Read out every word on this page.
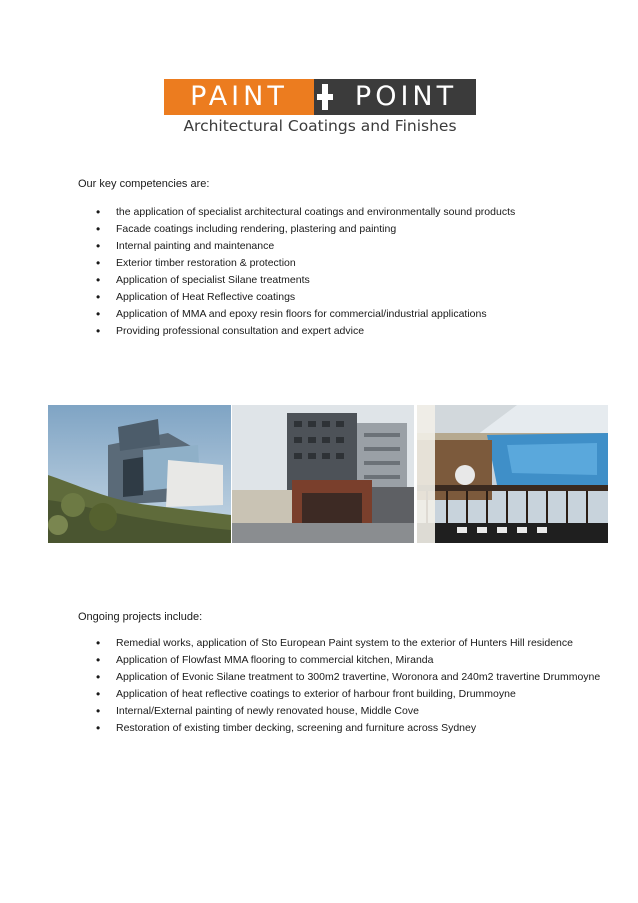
PAINT	POINT
Architectural Coatings and Finishes
Our key competencies are:
• the application of specialist architectural coatings and environmentally sound products
• Facade coatings including rendering, plastering and painting
• Internal painting and maintenance
• Exterior timber restoration & protection
• Application of specialist Silane treatments
• Application of Heat Reflective coatings
• Application of MMA and epoxy resin floors for commercial/industrial applications
• Providing professional consultation and expert advice
Ongoing projects include:
• Remedial works, application of Sto European Paint system to the exterior of Hunters Hill residence
• Application of Flowfast MMA flooring to commercial kitchen, Miranda
• Application of Evonic Silane treatment to 300m2 travertine, Woronora and 240m2 travertine Drummoyne
• Application of heat reflective coatings to exterior of harbour front building, Drummoyne
• Internal/External painting of newly renovated house, Middle Cove
• Restoration of existing timber decking, screening and furniture across Sydney
